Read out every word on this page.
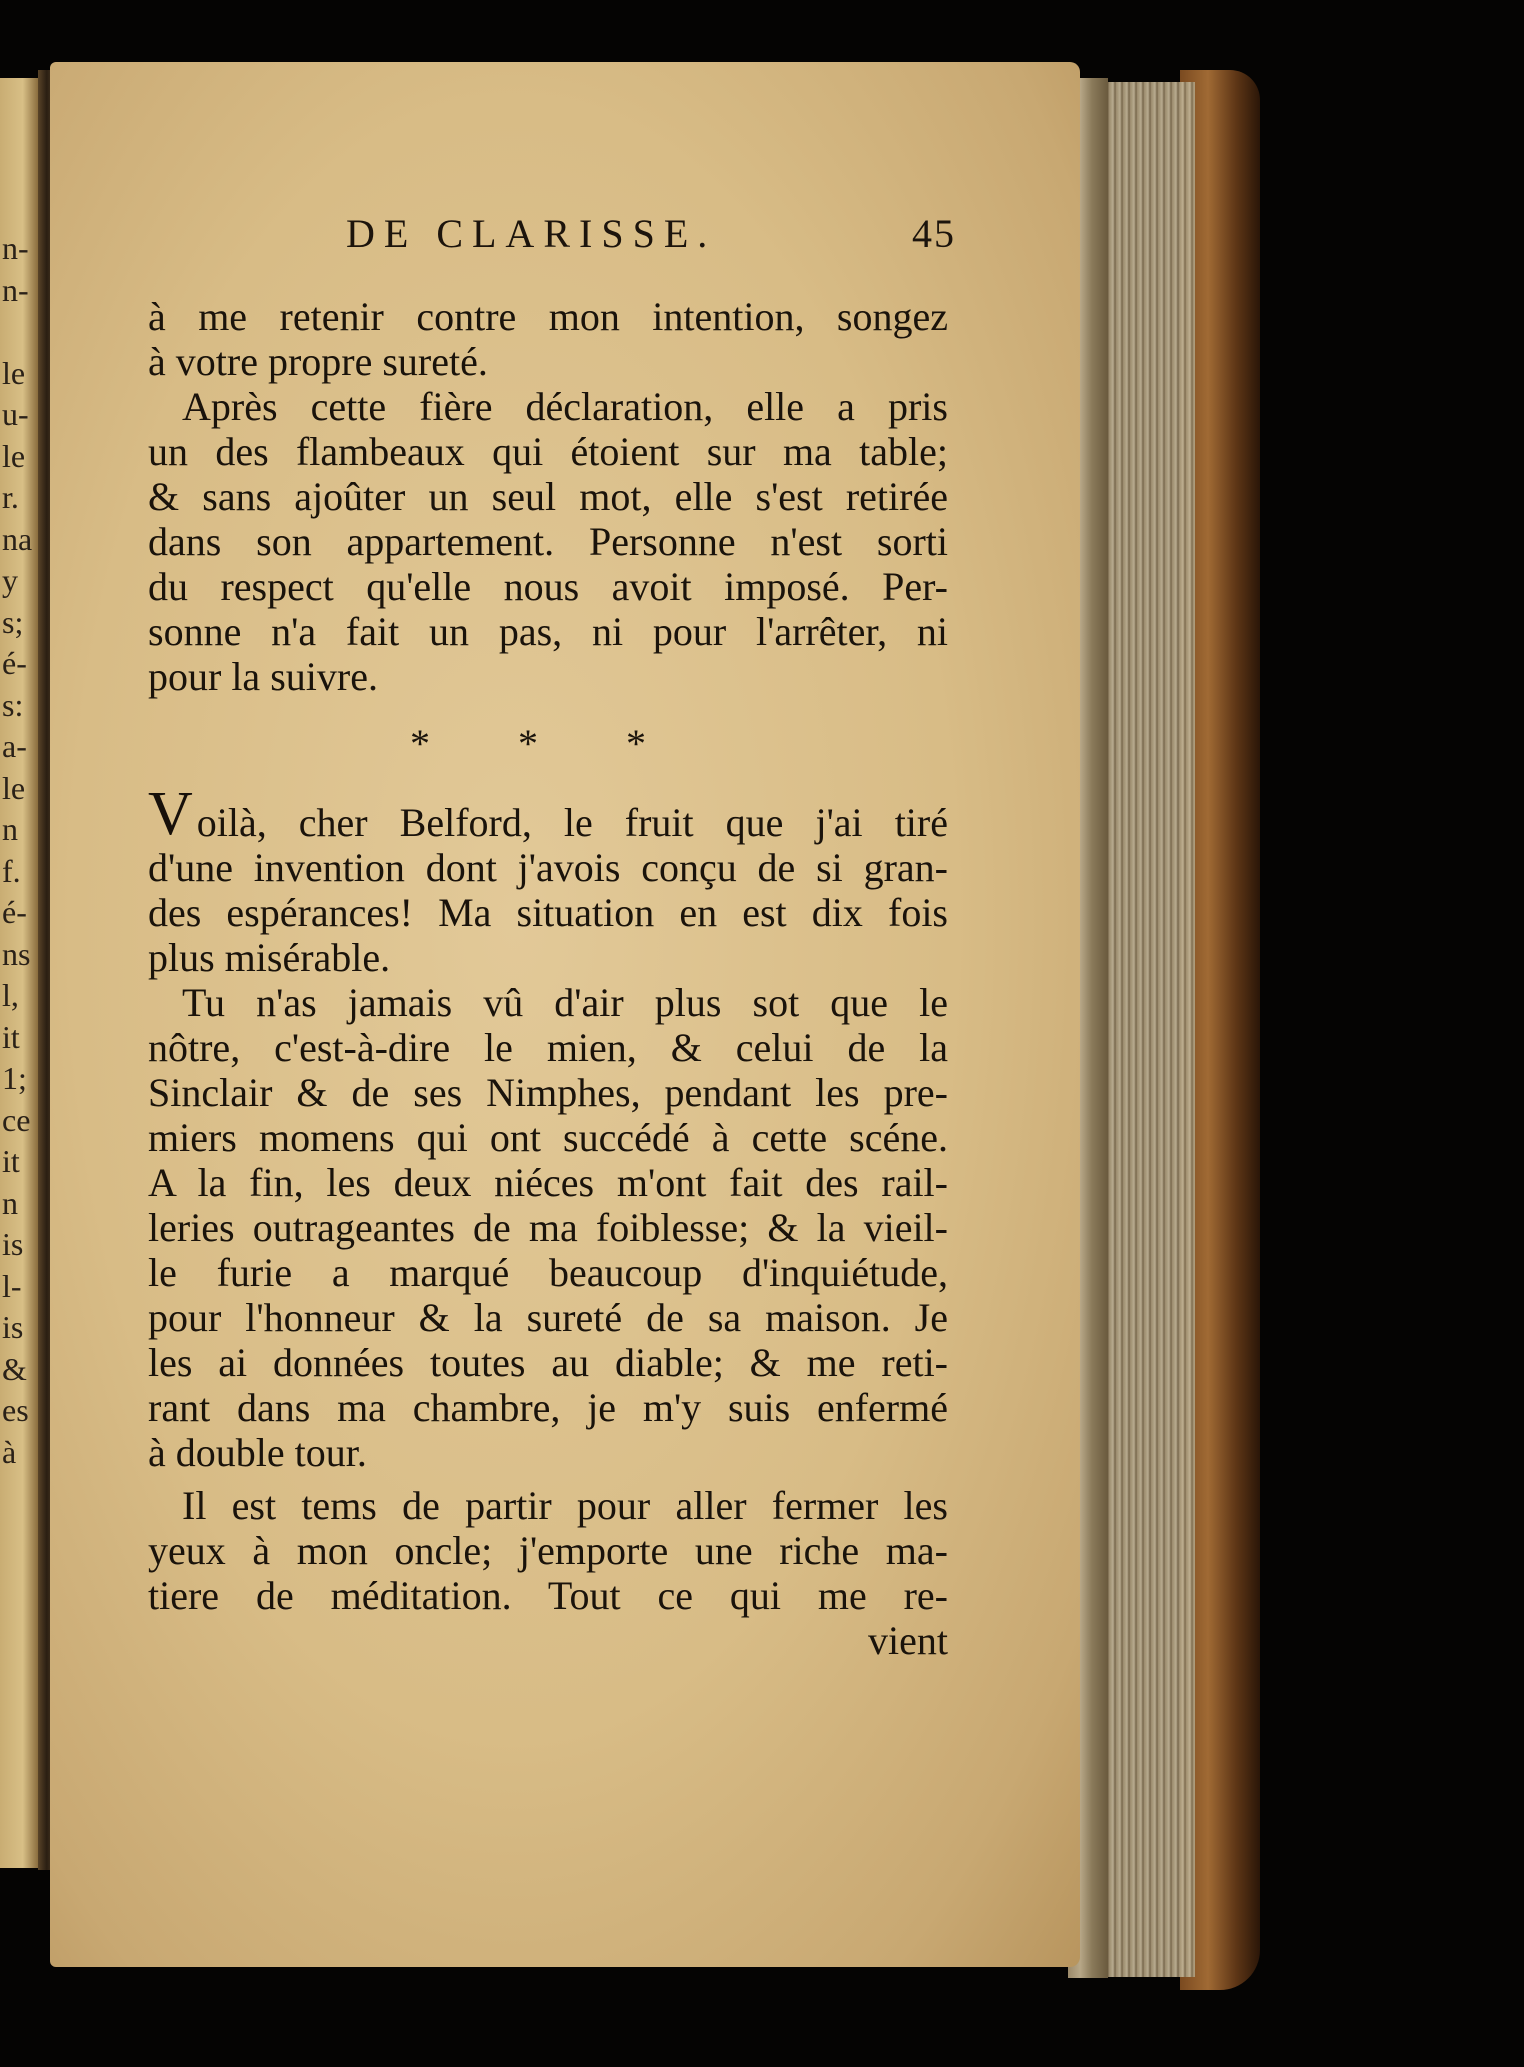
n-
n-
le
u-
le
r.
na
y
s;
é-
s:
a-
le
n
f.
é-
ns
l,
it
1;
ce
it
n
is
l-
is
&
es
à
DE CLARISSE.	45
à me retenir contre mon intention, songez
à votre propre sureté.
Après cette fière déclaration, elle a pris
un des flambeaux qui étoient sur ma table;
& sans ajoûter un seul mot, elle s'est retirée
dans son appartement. Personne n'est sorti
du respect qu'elle nous avoit imposé. Per-
sonne n'a fait un pas, ni pour l'arrêter, ni
pour la suivre.
* * *
V oilà, cher Belford, le fruit que j'ai tiré
d'une invention dont j'avois conçu de si gran-
des espérances! Ma situation en est dix fois
plus misérable.
Tu n'as jamais vû d'air plus sot que le
nôtre, c'est-à-dire le mien, & celui de la
Sinclair & de ses Nimphes, pendant les pre-
miers momens qui ont succédé à cette scéne.
A la fin, les deux niéces m'ont fait des rail-
leries outrageantes de ma foiblesse; & la vieil-
le furie a marqué beaucoup d'inquiétude,
pour l'honneur & la sureté de sa maison. Je
les ai données toutes au diable; & me reti-
rant dans ma chambre, je m'y suis enfermé
à double tour.
Il est tems de partir pour aller fermer les
yeux à mon oncle; j'emporte une riche ma-
tiere de méditation. Tout ce qui me re-
vient
